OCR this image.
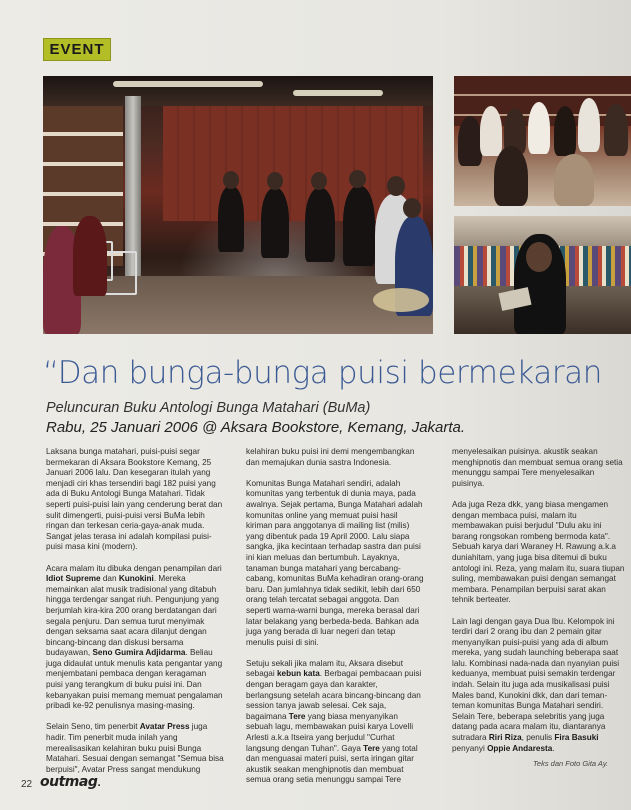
EVENT
“Dan bunga-bunga puisi bermekaran
Peluncuran Buku Antologi Bunga Matahari (BuMa)
Rabu, 25 Januari 2006 @ Aksara Bookstore, Kemang, Jakarta.

Laksana bunga matahari, puisi-puisi segar bermekaran di Aksara Bookstore Kemang, 25 Januari 2006 lalu. Dan kesegaran itulah yang menjadi ciri khas tersendiri bagi 182 puisi yang ada di Buku Antologi Bunga Matahari. Tidak seperti puisi-puisi lain yang cenderung berat dan sulit dimengerti, puisi-puisi versi BuMa lebih ringan dan terkesan ceria-gaya-anak muda. Sangat jelas terasa ini adalah kompilasi puisi-puisi masa kini (modern).

Acara malam itu dibuka dengan penampilan dari Idiot Supreme dan Kunokini. Mereka memainkan alat musik tradisional yang ditabuh hingga terdengar sangat riuh. Pengunjung yang berjumlah kira-kira 200 orang berdatangan dari segala penjuru. Dan semua turut menyimak dengan seksama saat acara dilanjut dengan bincang-bincang dan diskusi bersama budayawan, Seno Gumira Adjidarma. Beliau juga didaulat untuk menulis kata pengantar yang menjembatani pembaca dengan keragaman puisi yang terangkum di buku puisi ini. Dan kebanyakan puisi memang memuat pengalaman pribadi ke-92 penulisnya masing-masing.

Selain Seno, tim penerbit Avatar Press juga hadir. Tim penerbit muda inilah yang merealisasikan kelahiran buku puisi Bunga Matahari. Sesuai dengan semangat "Semua bisa berpuisi", Avatar Press sangat mendukung

kelahiran buku puisi ini demi mengembangkan dan memajukan dunia sastra Indonesia.

Komunitas Bunga Matahari sendiri, adalah komunitas yang terbentuk di dunia maya, pada awalnya. Sejak pertama, Bunga Matahari adalah komunitas online yang memuat puisi hasil kiriman para anggotanya di mailing list (milis) yang dibentuk pada 19 April 2000. Lalu siapa sangka, jika kecintaan terhadap sastra dan puisi ini kian meluas dan bertumbuh. Layaknya, tanaman bunga matahari yang bercabang-cabang, komunitas BuMa kehadiran orang-orang baru. Dan jumlahnya tidak sedikit, lebih dari 650 orang telah tercatat sebagai anggota. Dan seperti warna-warni bunga, mereka berasal dari latar belakang yang berbeda-beda. Bahkan ada juga yang berada di luar negeri dan tetap menulis puisi di sini.

Setuju sekali jika malam itu, Aksara disebut sebagai kebun kata. Berbagai pembacaan puisi dengan beragam gaya dan karakter, berlangsung setelah acara bincang-bincang dan session tanya jawab selesai. Cek saja, bagaimana Tere yang biasa menyanyikan sebuah lagu, membawakan puisi karya Lovelli Arlesti a.k.a Itseira yang berjudul "Curhat langsung dengan Tuhan". Gaya Tere yang total dan menguasai materi puisi, serta iringan gitar akustik seakan menghipnotis dan membuat semua orang setia menunggu sampai Tere

menyelesaikan puisinya. akustik seakan menghipnotis dan membuat semua orang setia menunggu sampai Tere menyelesaikan puisinya.

Ada juga Reza dkk, yang biasa mengamen dengan membaca puisi, malam itu membawakan puisi berjudul "Dulu aku ini barang rongsokan rombeng bermoda kata". Sebuah karya dari Waraney H. Rawung a.k.a duniahitam, yang juga bisa ditemui di buku antologi ini. Reza, yang malam itu, suara tiupan suling, membawakan puisi dengan semangat membara. Penampilan berpuisi sarat akan tehnik berteater.

Lain lagi dengan gaya Dua Ibu. Kelompok ini terdiri dari 2 orang ibu dan 2 pemain gitar menyanyikan puisi-puisi yang ada di album mereka, yang sudah launching beberapa saat lalu. Kombinasi nada-nada dan nyanyian puisi keduanya, membuat puisi semakin terdengar indah. Selain itu juga ada musikalisasi puisi Males band, Kunokini dkk, dan dari teman-teman komunitas Bunga Matahari sendiri. Selain Tere, beberapa selebritis yang juga datang pada acara malam itu, diantaranya sutradara Riri Riza, penulis Fira Basuki penyanyi Oppie Andaresta.

Teks dan Foto Gita Ay.
22 outmag.
